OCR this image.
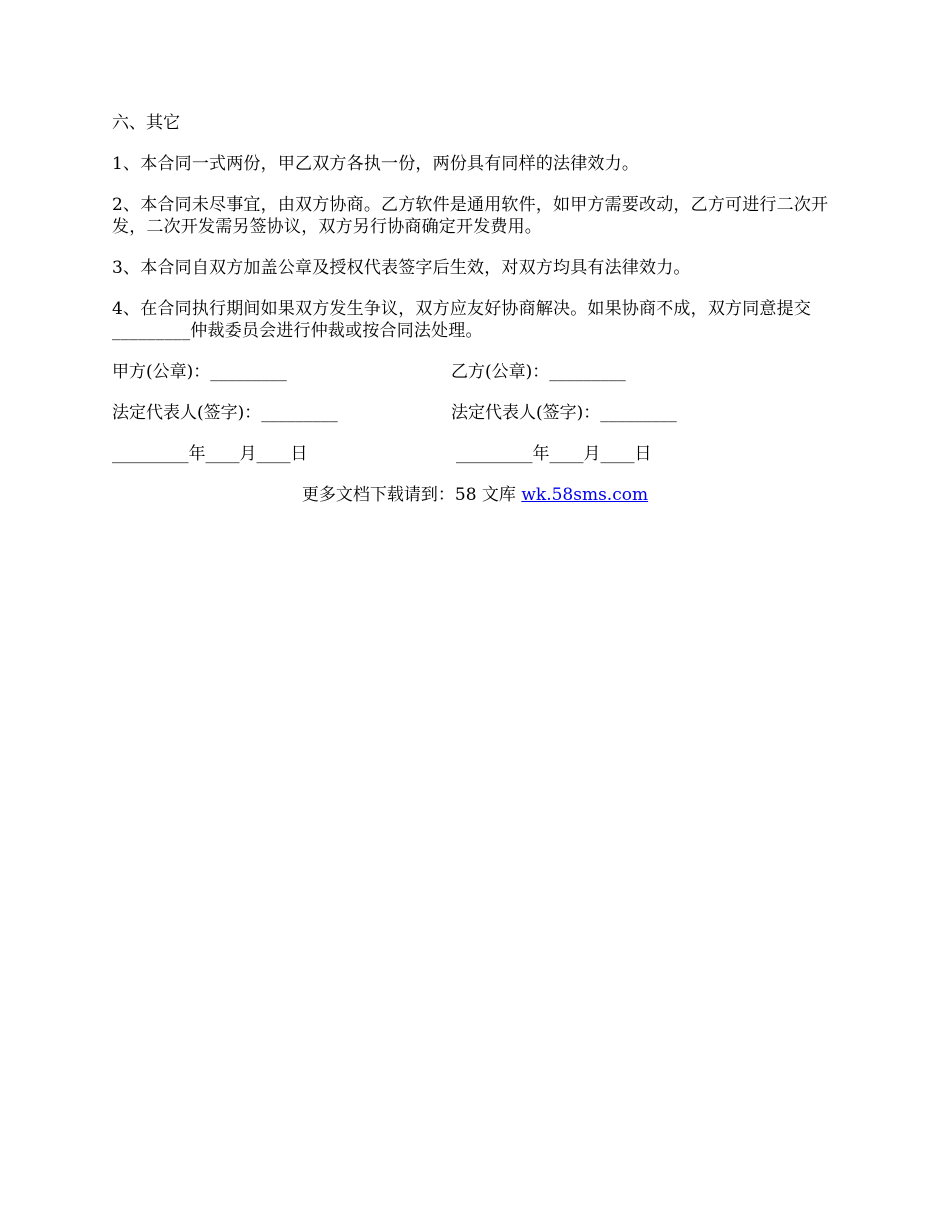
六、其它
1、本合同一式两份，甲乙双方各执一份，两份具有同样的法律效力。
2、本合同未尽事宜，由双方协商。乙方软件是通用软件，如甲方需要改动，乙方可进行二次开发，二次开发需另签协议，双方另行协商确定开发费用。
3、本合同自双方加盖公章及授权代表签字后生效，对双方均具有法律效力。
4、在合同执行期间如果双方发生争议，双方应友好协商解决。如果协商不成，双方同意提交_________仲裁委员会进行仲裁或按合同法处理。
甲方(公章)：_________	乙方(公章)：_________
法定代表人(签字)：_________	法定代表人(签字)：_________
_________年____月____日	_________年____月____日
更多文档下载请到：58 文库 wk.58sms.com
